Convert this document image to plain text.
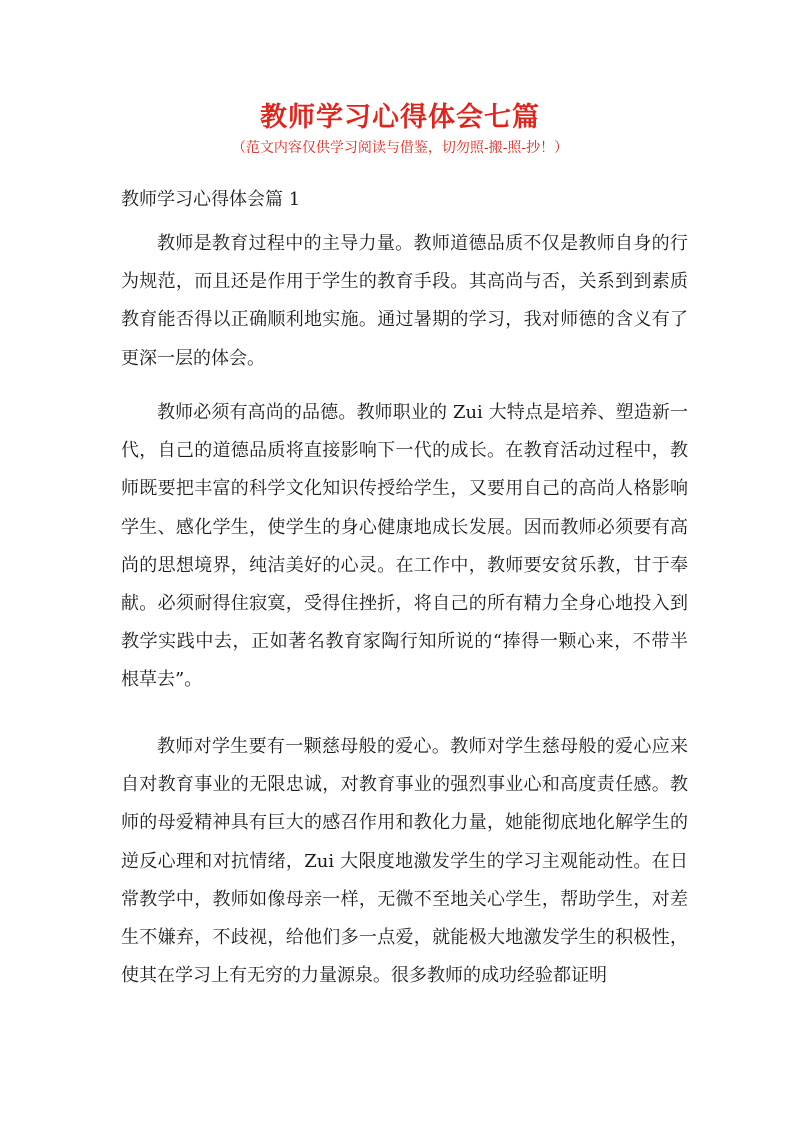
教师学习心得体会七篇
（范文内容仅供学习阅读与借鉴，切勿照-搬-照-抄！）
教师学习心得体会篇 1

教师是教育过程中的主导力量。教师道德品质不仅是教师自身的行为规范，而且还是作用于学生的教育手段。其高尚与否，关系到到素质教育能否得以正确顺利地实施。通过暑期的学习，我对师德的含义有了更深一层的体会。

教师必须有高尚的品德。教师职业的 Zui 大特点是培养、塑造新一代，自己的道德品质将直接影响下一代的成长。在教育活动过程中，教师既要把丰富的科学文化知识传授给学生，又要用自己的高尚人格影响学生、感化学生，使学生的身心健康地成长发展。因而教师必须要有高尚的思想境界，纯洁美好的心灵。在工作中，教师要安贫乐教，甘于奉献。必须耐得住寂寞，受得住挫折，将自己的所有精力全身心地投入到教学实践中去，正如著名教育家陶行知所说的“捧得一颗心来，不带半根草去”。

教师对学生要有一颗慈母般的爱心。教师对学生慈母般的爱心应来自对教育事业的无限忠诚，对教育事业的强烈事业心和高度责任感。教师的母爱精神具有巨大的感召作用和教化力量，她能彻底地化解学生的逆反心理和对抗情绪，Zui 大限度地激发学生的学习主观能动性。在日常教学中，教师如像母亲一样，无微不至地关心学生，帮助学生，对差生不嫌弃，不歧视，给他们多一点爱，就能极大地激发学生的积极性，使其在学习上有无穷的力量源泉。很多教师的成功经验都证明
